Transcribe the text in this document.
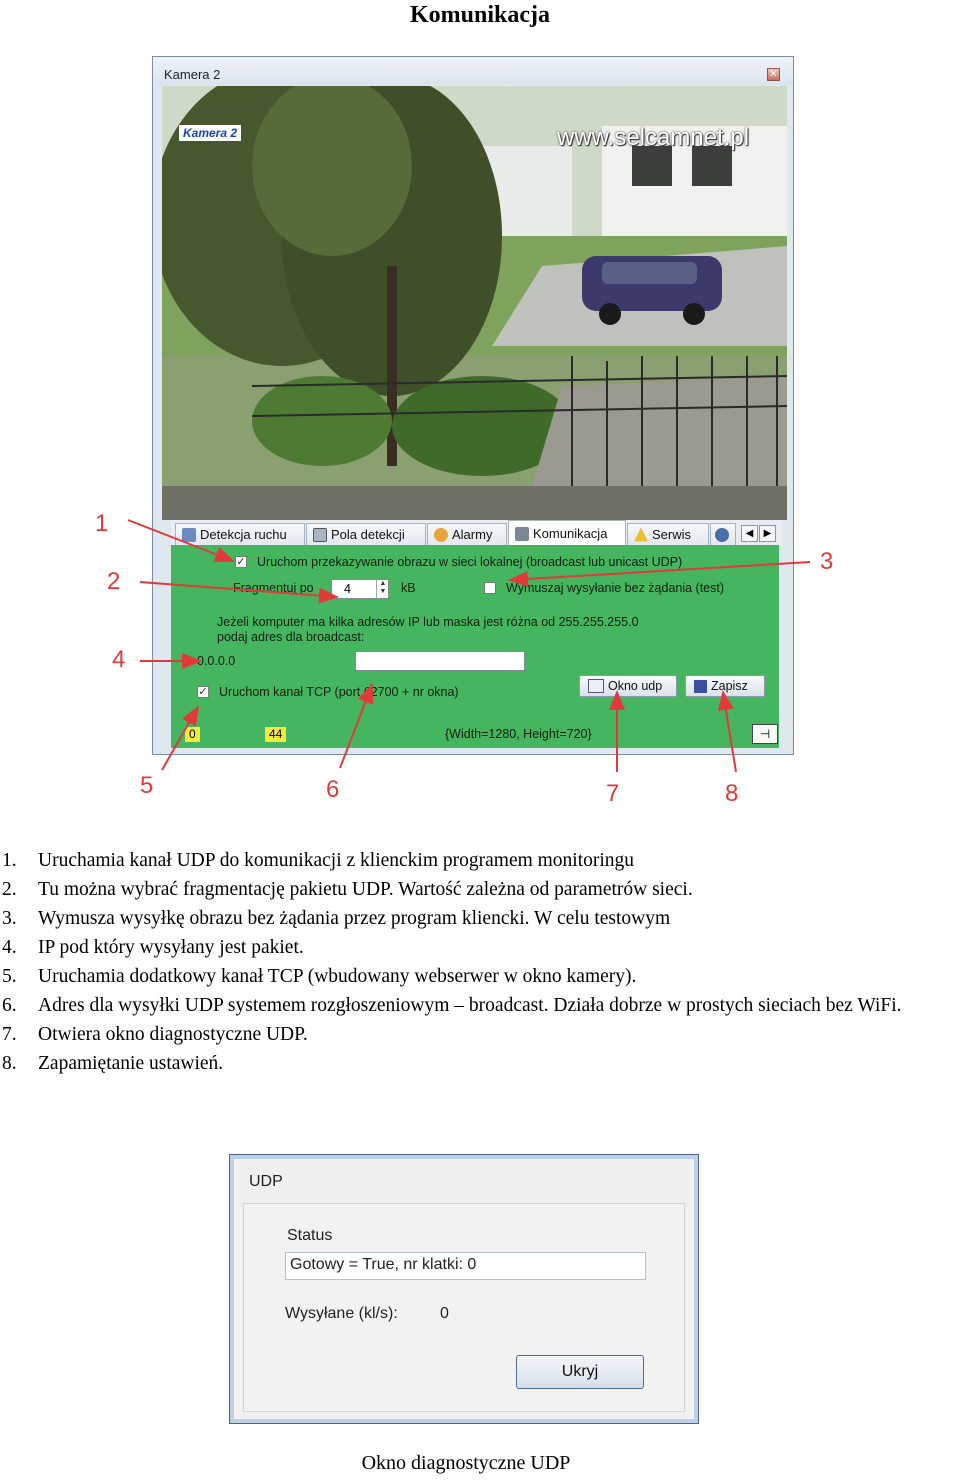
Komunikacja
Kamera 2	✕
Kamera 2	www.selcamnet.pl
Detekcja ruchu	Pola detekcji	Alarmy	Komunikacja	Serwis	◀	▶
✓ Uruchom przekazywanie obrazu w sieci lokalnej (broadcast lub unicast UDP)
Fragmentuj po	4	▲
▼ kB	Wymuszaj wysyłanie bez żądania (test)
Jeżeli komputer ma kilka adresów IP lub maska jest różna od 255.255.255.0
podaj adres dla broadcast:
0.0.0.0
✓ Uruchom kanał TCP (port 62700 + nr okna)	Okno udp	Zapisz
0	44	{Width=1280, Height=720}	⊣
1
2
3
4
5	6	7	8
1. Uruchamia kanał UDP do komunikacji z klienckim programem monitoringu
2. Tu można wybrać fragmentację pakietu UDP. Wartość zależna od parametrów sieci.
3. Wymusza wysyłkę obrazu bez żądania przez program kliencki. W celu testowym
4. IP pod który wysyłany jest pakiet.
5. Uruchamia dodatkowy kanał TCP (wbudowany webserwer w okno kamery).
6. Adres dla wysyłki UDP systemem rozgłoszeniowym – broadcast. Działa dobrze w prostych sieciach bez WiFi.
7. Otwiera okno diagnostyczne UDP.
8. Zapamiętanie ustawień.
UDP
Status
Gotowy = True, nr klatki: 0
Wysyłane (kl/s):	0
Ukryj
Okno diagnostyczne UDP
